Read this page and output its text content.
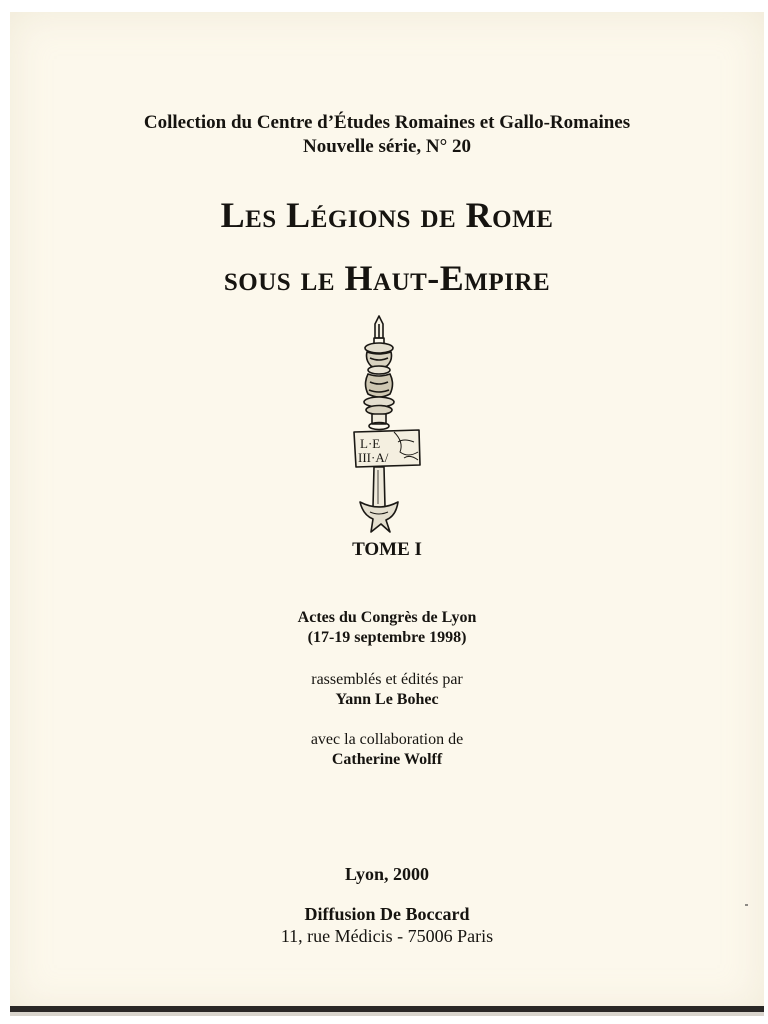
Collection du Centre d’Études Romaines et Gallo-Romaines
Nouvelle série, N° 20
Les Légions de Rome
sous le Haut-Empire
L·E
III·A/
TOME I
Actes du Congrès de Lyon
(17-19 septembre 1998)
rassemblés et édités par
Yann Le Bohec
avec la collaboration de
Catherine Wolff
Lyon, 2000
Diffusion De Boccard
11, rue Médicis - 75006 Paris
